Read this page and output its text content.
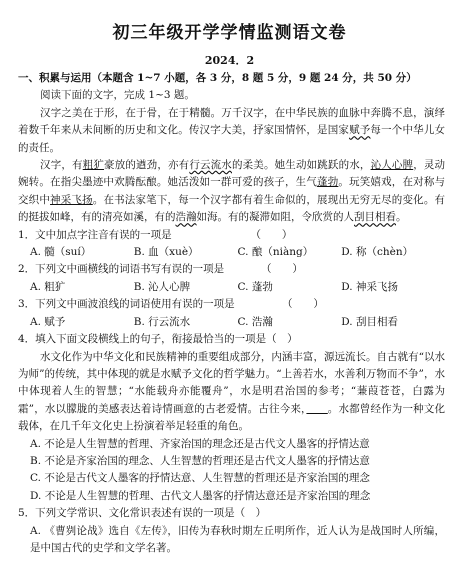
初三年级开学学情监测语文卷
2024．2

一、积累与运用（本题含 1~7 小题，各 3 分，8 题 5 分，9 题 24 分，共 50 分）

阅读下面的文字，完成 1~3 题。

汉字之美在于形，在于骨，在于精髓。万千汉字，在中华民族的血脉中奔腾不息，演绎着数千年来从未间断的历史和文化。传汉字大美，抒家国情怀，是国家赋予每一个中华儿女的责任。

汉字，有粗犷豪放的遒劲，亦有行云流水的柔美。她生动如跳跃的水，沁人心脾，灵动婉转。在指尖墨迹中欢腾酝酿。她活泼如一群可爱的孩子，生气蓬勃。玩笑嬉戏，在对称与交织中神采飞扬。在书法家笔下，每一个汉字都有着生命似的，展现出无穷无尽的变化。有的挺拔如峰，有的清亮如溪，有的浩瀚如海。有的凝滞如阻，令欣赏的人刮目相看。

1．文中加点字注音有误的一项是　　　　　　　　	（　　）

A. 髓（suí）	B. 血（xuè）	C. 酿（niàng）	D. 称（chèn）

2．下列文中画横线的词语书写有误的一项是　　　　	（　　）

A. 粗犷	B. 沁人心脾	C. 蓬勃	D. 神采飞扬

3．下列文中画波浪线的词语使用有误的一项是　　　　　	（　　）

A. 赋予	B. 行云流水	C. 浩瀚	D. 刮目相看

4．填入下面文段横线上的句子，衔接最恰当的一项是（　）

水文化作为中华文化和民族精神的重要组成部分，内涵丰富，源远流长。自古就有“以水为师”的传统，其中体现的就是水赋予文化的哲学魅力。“上善若水，水善利万物而不争”，水中体现着人生的智慧；“水能载舟亦能覆舟”，水是明君治国的参考；“蒹葭苍苍，白露为霜”，水以朦胧的美感表达着诗情画意的古老爱情。古往今来，　　 。水都曾经作为一种文化载体，在几千年文化史上扮演着举足轻重的角色。

A. 不论是人生智慧的哲理、齐家治国的理念还是古代文人墨客的抒情达意

B. 不论是齐家治国的理念、人生智慧的哲理还是古代文人墨客的抒情达意

C. 不论是古代文人墨客的抒情达意、人生智慧的哲理还是齐家治国的理念

D. 不论是人生智慧的哲理、古代文人墨客的抒情达意还是齐家治国的理念

5．下列文学常识、文化常识表述有误的一项是（　）

A. 《曹刿论战》选自《左传》，旧传为春秋时期左丘明所作，近人认为是战国时人所编，是中国古代的史学和文学名著。
